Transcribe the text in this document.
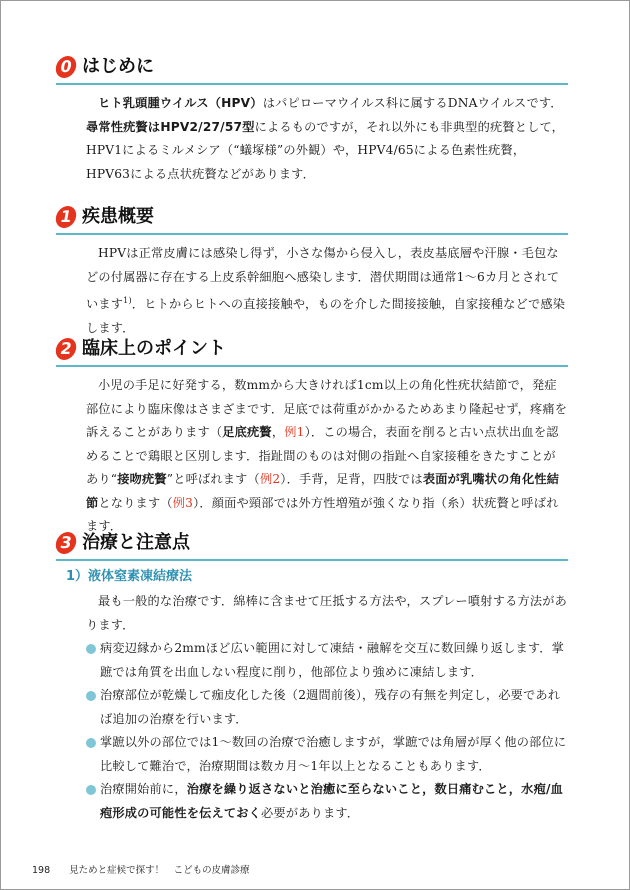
0 はじめに

ヒト乳頭腫ウイルス（HPV）はパピローマウイルス科に属するDNAウイルスです．尋常性疣贅はHPV2/27/57型によるものですが，それ以外にも非典型的疣贅として，HPV1によるミルメシア（“蟻塚様”の外観）や，HPV4/65による色素性疣贅，HPV63による点状疣贅などがあります．

1 疾患概要

HPVは正常皮膚には感染し得ず，小さな傷から侵入し，表皮基底層や汗腺・毛包などの付属器に存在する上皮系幹細胞へ感染します．潜伏期間は通常1～6カ月とされています$^{1)}$．ヒトからヒトへの直接接触や，ものを介した間接接触，自家接種などで感染します．

2 臨床上のポイント

小児の手足に好発する，数mmから大きければ1cm以上の角化性疣状結節で，発症部位により臨床像はさまざまです．足底では荷重がかかるためあまり隆起せず，疼痛を訴えることがあります（足底疣贅，例1）．この場合，表面を削ると古い点状出血を認めることで鶏眼と区別します．指趾間のものは対側の指趾へ自家接種をきたすことがあり“接吻疣贅”と呼ばれます（例2）．手背，足背，四肢では表面が乳嘴状の角化性結節となります（例3）．顔面や頸部では外方性増殖が強くなり指（糸）状疣贅と呼ばれます．

3 治療と注意点
1）液体窒素凍結療法

最も一般的な治療です．綿棒に含ませて圧抵する方法や，スプレー噴射する方法があります．

病変辺縁から2mmほど広い範囲に対して凍結・融解を交互に数回繰り返します．掌蹠では角質を出血しない程度に削り，他部位より強めに凍結します．
治療部位が乾燥して痂皮化した後（2週間前後），残存の有無を判定し，必要であれば追加の治療を行います．
掌蹠以外の部位では1～数回の治療で治癒しますが，掌蹠では角層が厚く他の部位に比較して難治で，治療期間は数カ月～1年以上となることもあります．
治療開始前に，治療を繰り返さないと治癒に至らないこと，数日痛むこと，水疱/血疱形成の可能性を伝えておく必要があります．
198 見ためと症候で探す！　こどもの皮膚診療
